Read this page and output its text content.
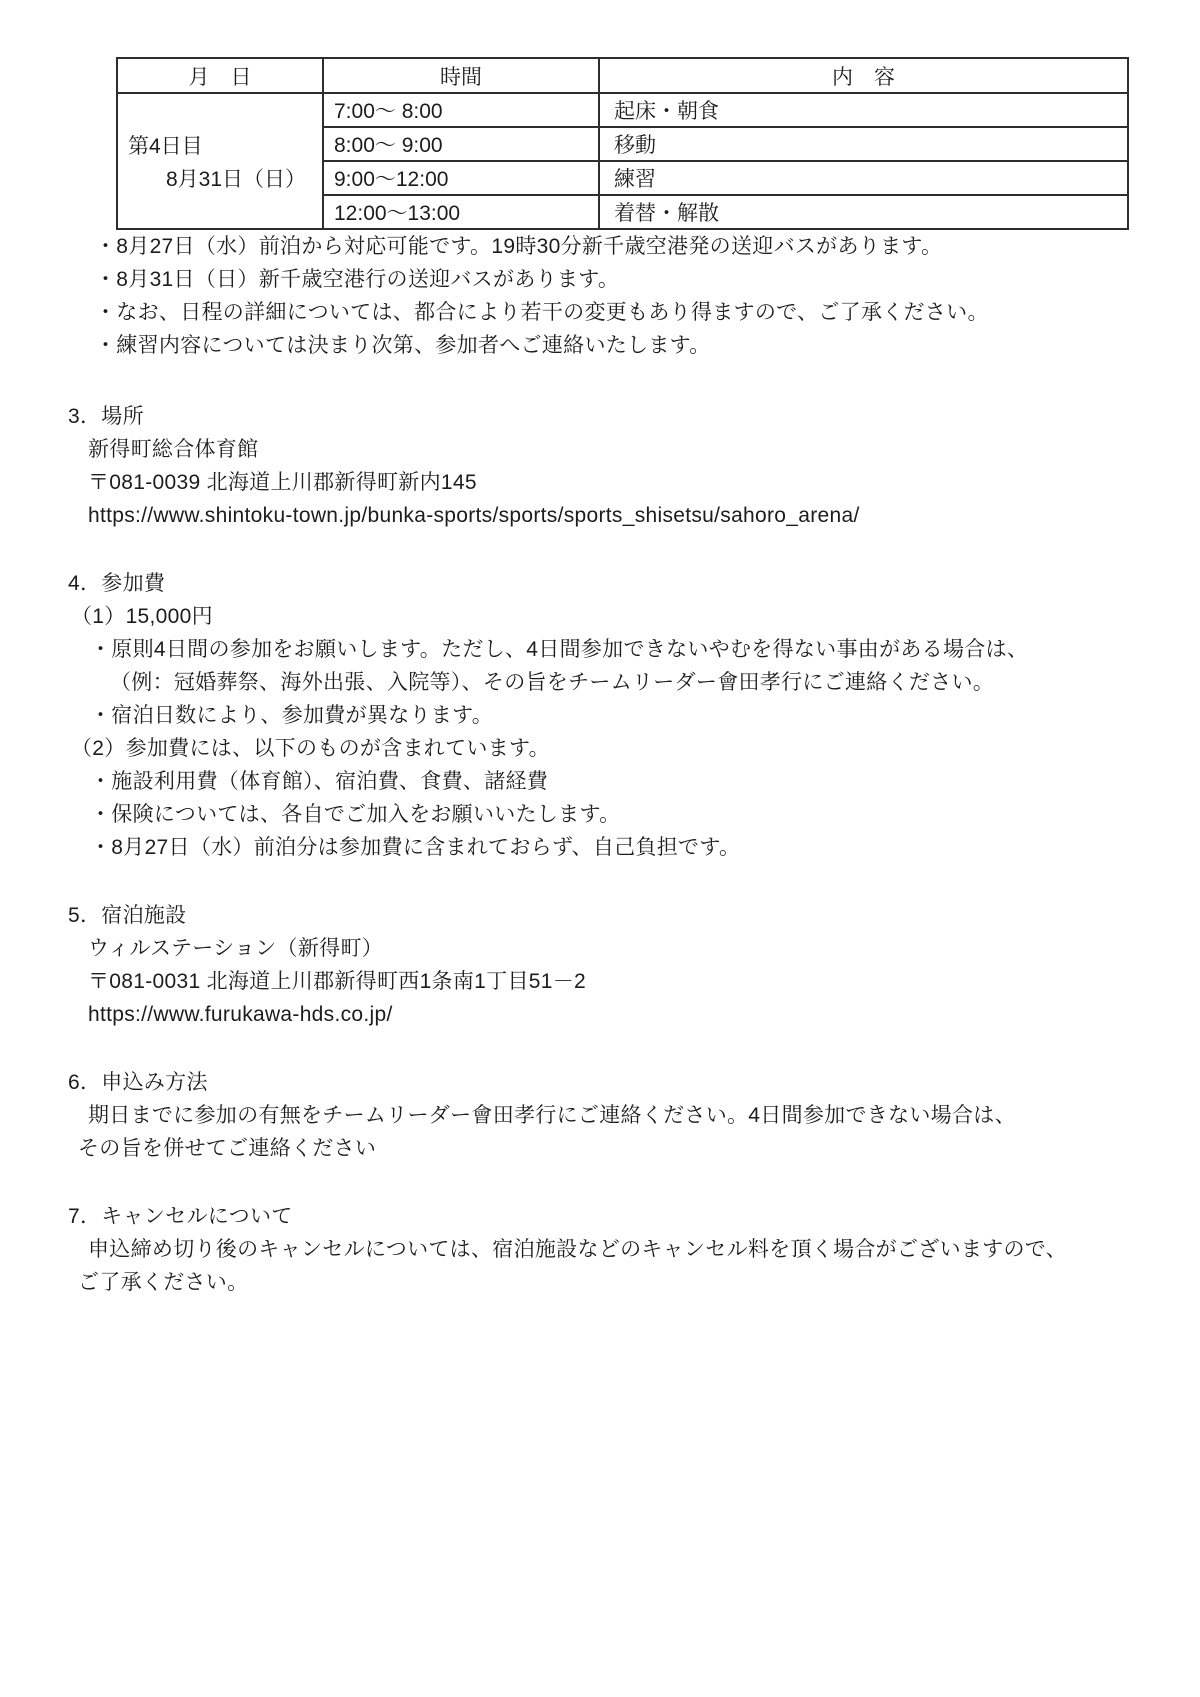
月　日	時間	内　容

第4日目
8月31日（日）	7:00～ 8:00	起床・朝食
	8:00～ 9:00	移動
	9:00～12:00	練習
	12:00～13:00	着替・解散
・8月27日（水）前泊から対応可能です。19時30分新千歳空港発の送迎バスがあります。
・8月31日（日）新千歳空港行の送迎バスがあります。
・なお、日程の詳細については、都合により若干の変更もあり得ますので、ご了承ください。
・練習内容については決まり次第、参加者へご連絡いたします。
3．場所
新得町総合体育館
〒081-0039 北海道上川郡新得町新内145
https://www.shintoku-town.jp/bunka-sports/sports/sports_shisetsu/sahoro_arena/
4．参加費
（1）15,000円
・原則4日間の参加をお願いします。ただし、4日間参加できないやむを得ない事由がある場合は、
（例：冠婚葬祭、海外出張、入院等）、その旨をチームリーダー會田孝行にご連絡ください。
・宿泊日数により、参加費が異なります。
（2）参加費には、以下のものが含まれています。
・施設利用費（体育館）、宿泊費、食費、諸経費
・保険については、各自でご加入をお願いいたします。
・8月27日（水）前泊分は参加費に含まれておらず、自己負担です。
5．宿泊施設
ウィルステーション（新得町）
〒081-0031 北海道上川郡新得町西1条南1丁目51－2
https://www.furukawa-hds.co.jp/
6．申込み方法
期日までに参加の有無をチームリーダー會田孝行にご連絡ください。4日間参加できない場合は、
その旨を併せてご連絡ください
7．キャンセルについて
申込締め切り後のキャンセルについては、宿泊施設などのキャンセル料を頂く場合がございますので、
ご了承ください。
